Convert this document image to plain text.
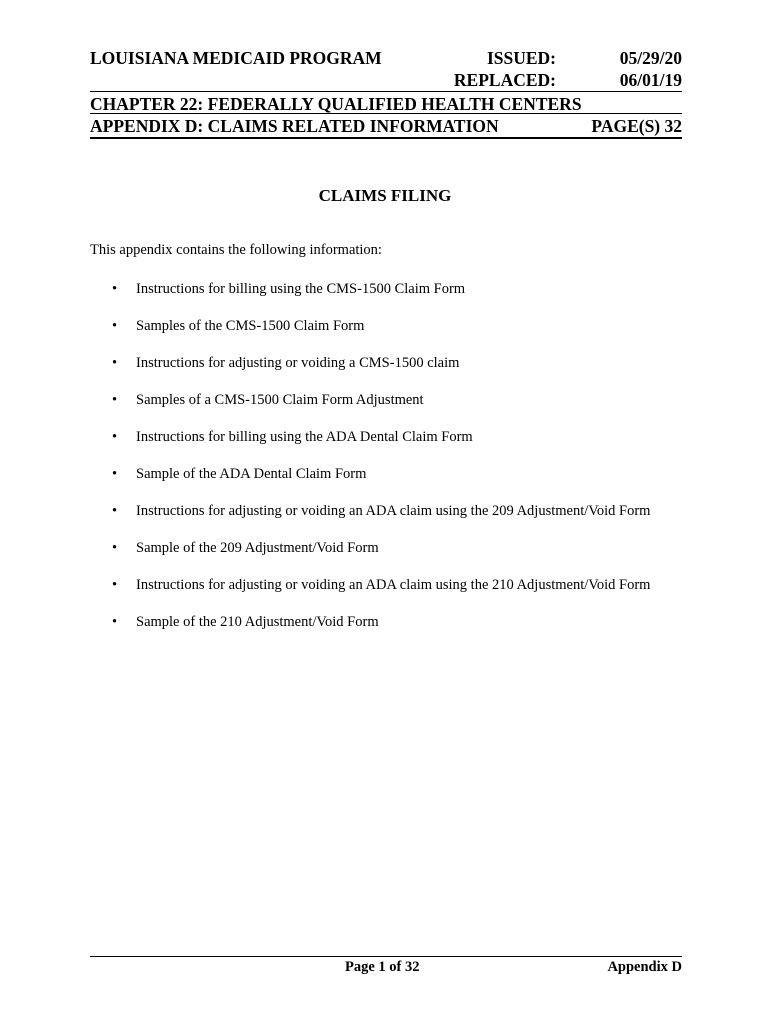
LOUISIANA MEDICAID PROGRAM	ISSUED:	05/29/20
REPLACED:	06/01/19
CHAPTER 22: FEDERALLY QUALIFIED HEALTH CENTERS
APPENDIX D: CLAIMS RELATED INFORMATION	PAGE(S) 32
CLAIMS FILING
This appendix contains the following information:
• Instructions for billing using the CMS-1500 Claim Form
• Samples of the CMS-1500 Claim Form
• Instructions for adjusting or voiding a CMS-1500 claim
• Samples of a CMS-1500 Claim Form Adjustment
• Instructions for billing using the ADA Dental Claim Form
• Sample of the ADA Dental Claim Form
• Instructions for adjusting or voiding an ADA claim using the 209 Adjustment/Void Form
• Sample of the 209 Adjustment/Void Form
• Instructions for adjusting or voiding an ADA claim using the 210 Adjustment/Void Form
• Sample of the 210 Adjustment/Void Form
Page 1 of 32	Appendix D
